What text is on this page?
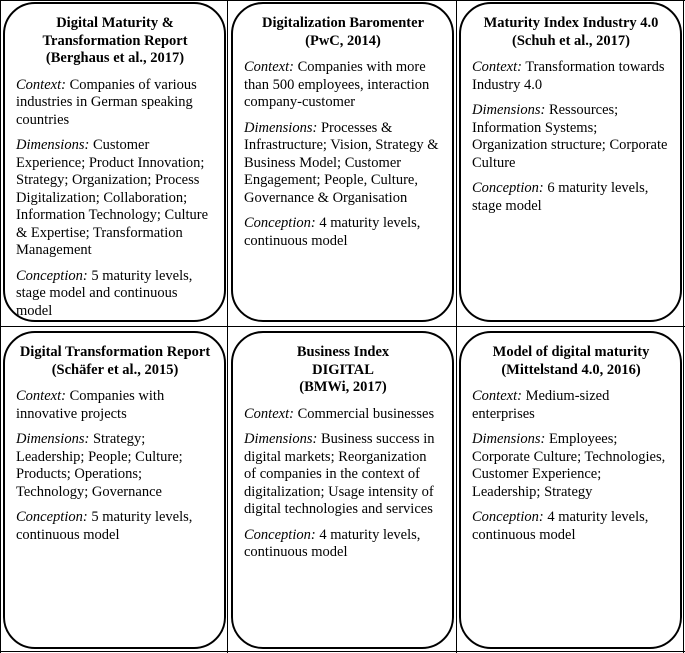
Digital Maturity & Transformation Report
(Berghaus et al., 2017)
Context: Companies of various industries in German speaking countries
Dimensions: Customer Experience; Product Innovation; Strategy; Organization; Process Digitalization; Collaboration; Information Technology; Culture & Expertise; Transformation Management
Conception: 5 maturity levels, stage model and continuous model
Digitalization Baromenter
(PwC, 2014)
Context: Companies with more than 500 employees, interaction company-customer
Dimensions: Processes & Infrastructure; Vision, Strategy & Business Model; Customer Engagement; People, Culture, Governance & Organisation
Conception: 4 maturity levels, continuous model
Maturity Index Industry 4.0
(Schuh et al., 2017)
Context: Transformation towards Industry 4.0
Dimensions: Ressources; Information Systems; Organization structure; Corporate Culture
Conception: 6 maturity levels, stage model
Digital Transformation Report
(Schäfer et al., 2015)
Context: Companies with innovative projects
Dimensions: Strategy; Leadership; People; Culture; Products; Operations; Technology; Governance
Conception: 5 maturity levels, continuous model
Business Index DIGITAL
(BMWi, 2017)
Context: Commercial businesses
Dimensions: Business success in digital markets; Reorganization of companies in the context of digitalization; Usage intensity of digital technologies and services
Conception: 4 maturity levels, continuous model
Model of digital maturity
(Mittelstand 4.0, 2016)
Context: Medium-sized enterprises
Dimensions: Employees; Corporate Culture; Technologies, Customer Experience; Leadership; Strategy
Conception: 4 maturity levels, continuous model
